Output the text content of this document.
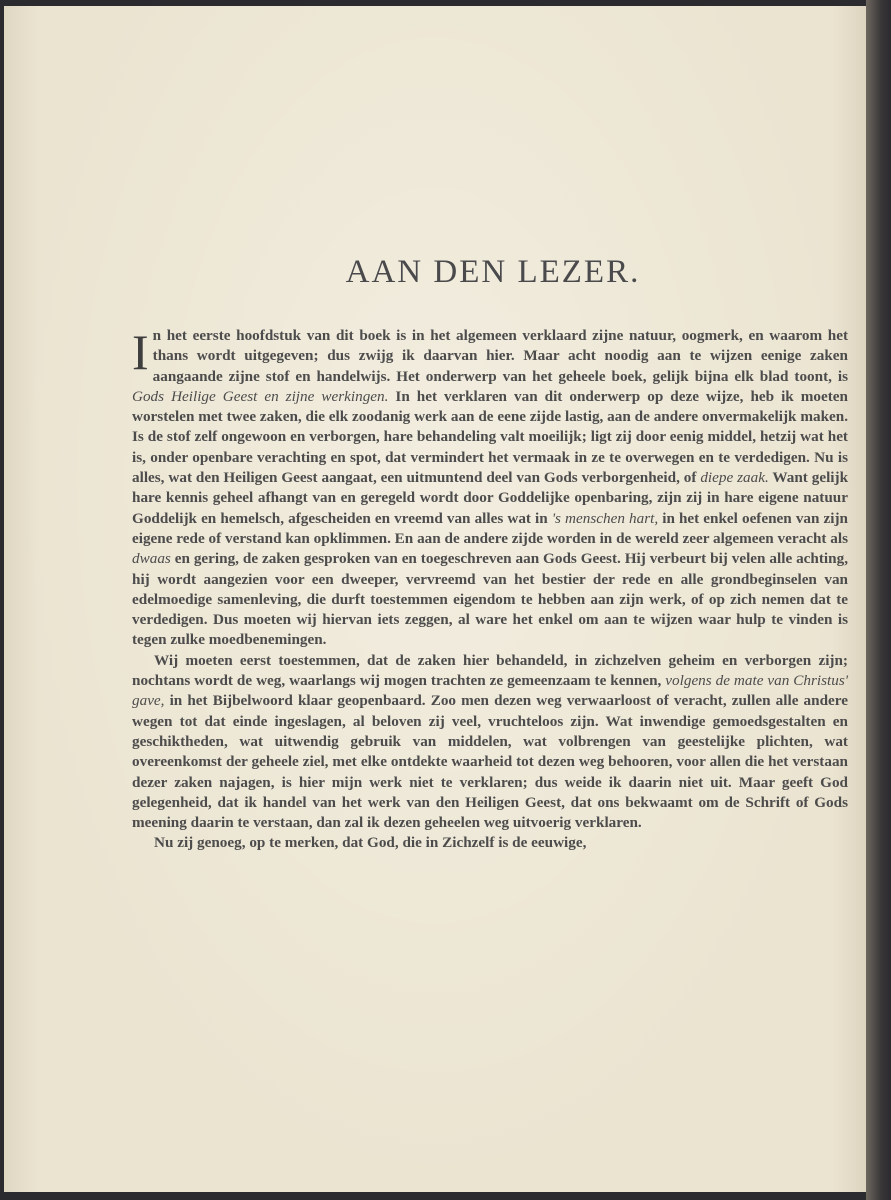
AAN DEN LEZER.

I n het eerste hoofdstuk van dit boek is in het algemeen verklaard zijne natuur, oogmerk, en waarom het thans wordt uitgegeven; dus zwijg ik daarvan hier. Maar acht noodig aan te wijzen eenige zaken aangaande zijne stof en handelwijs. Het onderwerp van het geheele boek, gelijk bijna elk blad toont, is Gods Heilige Geest en zijne werkingen. In het verklaren van dit onderwerp op deze wijze, heb ik moeten worstelen met twee zaken, die elk zoodanig werk aan de eene zijde lastig, aan de andere onvermakelijk maken. Is de stof zelf ongewoon en verborgen, hare behandeling valt moeilijk; ligt zij door eenig middel, hetzij wat het is, onder openbare verachting en spot, dat vermindert het vermaak in ze te overwegen en te verdedigen. Nu is alles, wat den Heiligen Geest aangaat, een uitmuntend deel van Gods verborgenheid, of diepe zaak. Want gelijk hare kennis geheel afhangt van en geregeld wordt door Goddelijke openbaring, zijn zij in hare eigene natuur Goddelijk en hemelsch, afgescheiden en vreemd van alles wat in 's menschen hart, in het enkel oefenen van zijn eigene rede of verstand kan opklimmen. En aan de andere zijde worden in de wereld zeer algemeen veracht als dwaas en gering, de zaken gesproken van en toegeschreven aan Gods Geest. Hij verbeurt bij velen alle achting, hij wordt aangezien voor een dweeper, vervreemd van het bestier der rede en alle grondbeginselen van edelmoedige samenleving, die durft toestemmen eigendom te hebben aan zijn werk, of op zich nemen dat te verdedigen. Dus moeten wij hiervan iets zeggen, al ware het enkel om aan te wijzen waar hulp te vinden is tegen zulke moedbenemingen.

Wij moeten eerst toestemmen, dat de zaken hier behandeld, in zichzelven geheim en verborgen zijn; nochtans wordt de weg, waarlangs wij mogen trachten ze gemeenzaam te kennen, volgens de mate van Christus' gave, in het Bijbelwoord klaar geopenbaard. Zoo men dezen weg verwaarloost of veracht, zullen alle andere wegen tot dat einde ingeslagen, al beloven zij veel, vruchteloos zijn. Wat inwendige gemoedsgestalten en geschiktheden, wat uitwendig gebruik van middelen, wat volbrengen van geestelijke plichten, wat overeenkomst der geheele ziel, met elke ontdekte waarheid tot dezen weg behooren, voor allen die het verstaan dezer zaken najagen, is hier mijn werk niet te verklaren; dus weide ik daarin niet uit. Maar geeft God gelegenheid, dat ik handel van het werk van den Heiligen Geest, dat ons bekwaamt om de Schrift of Gods meening daarin te verstaan, dan zal ik dezen geheelen weg uitvoerig verklaren.

Nu zij genoeg, op te merken, dat God, die in Zichzelf is de eeuwige,
